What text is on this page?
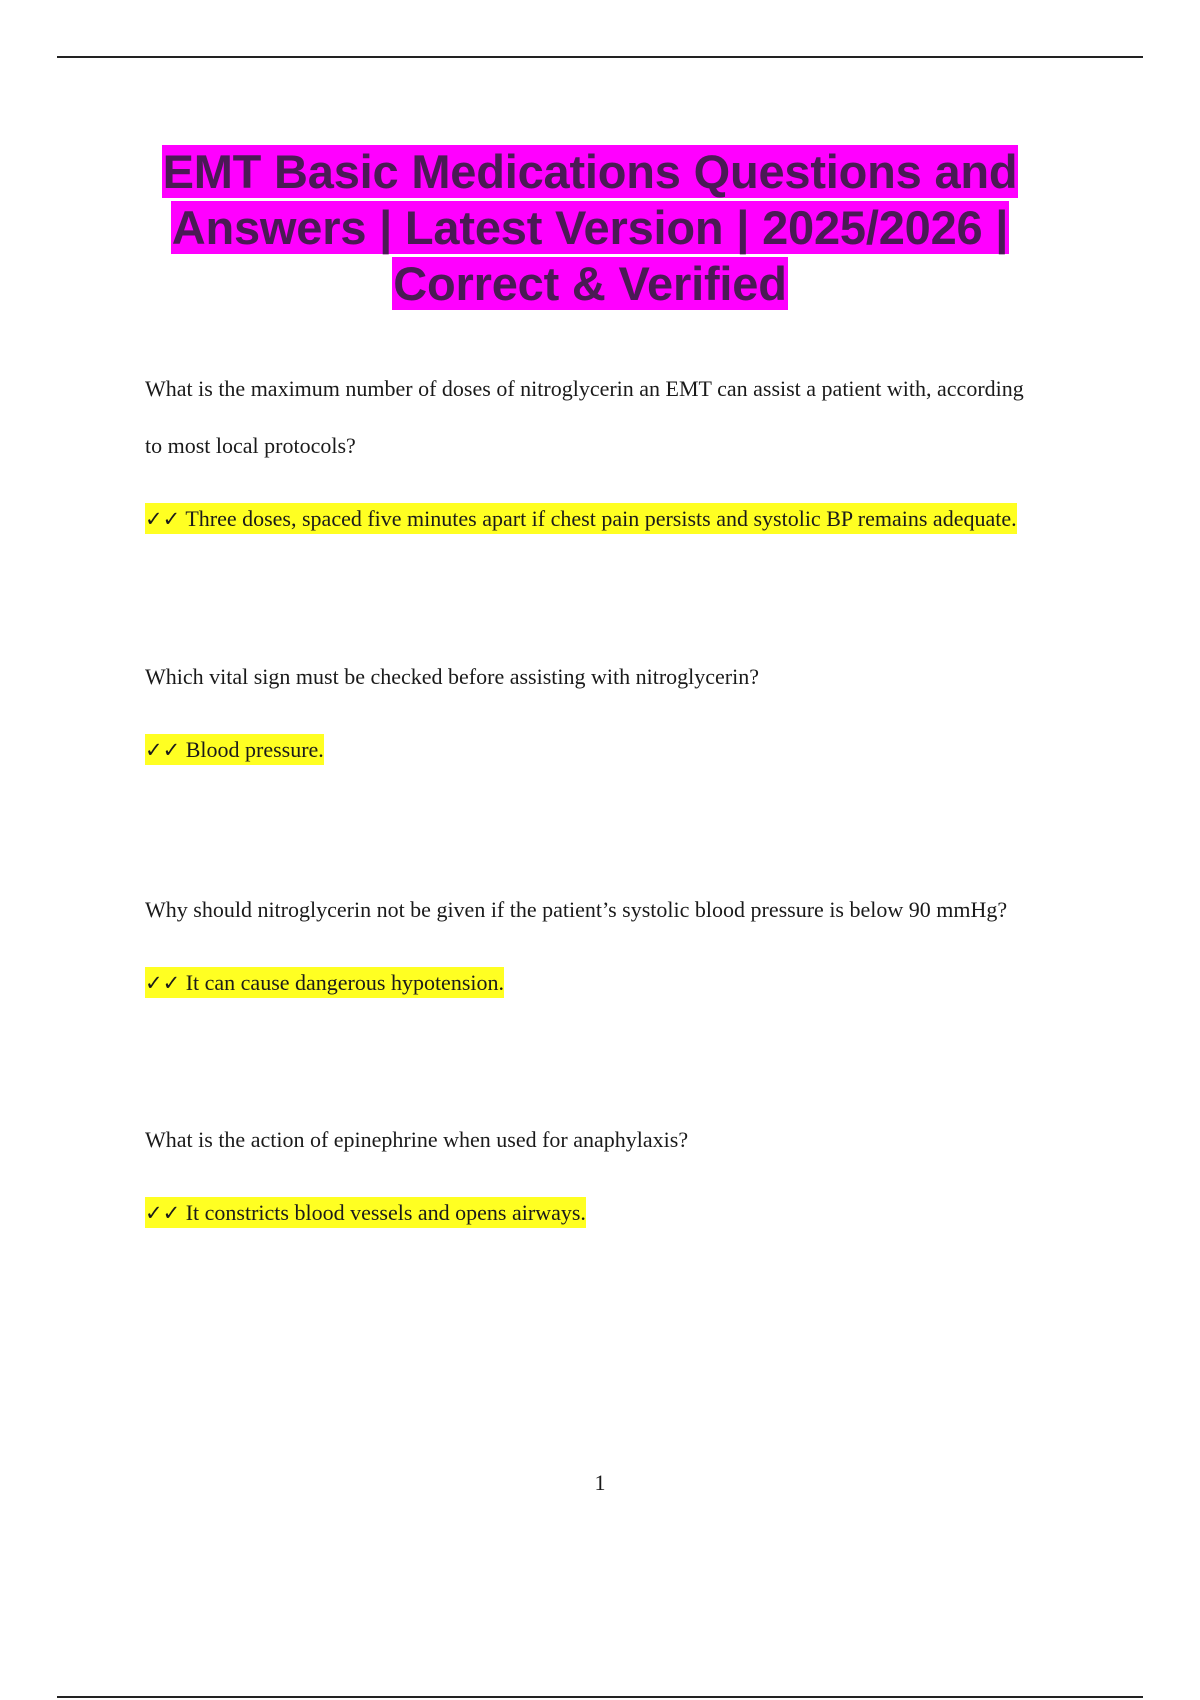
EMT Basic Medications Questions and Answers | Latest Version | 2025/2026 | Correct & Verified

What is the maximum number of doses of nitroglycerin an EMT can assist a patient with, according to most local protocols?

✓✓ Three doses, spaced five minutes apart if chest pain persists and systolic BP remains adequate.

Which vital sign must be checked before assisting with nitroglycerin?

✓✓ Blood pressure.

Why should nitroglycerin not be given if the patient’s systolic blood pressure is below 90 mmHg?

✓✓ It can cause dangerous hypotension.

What is the action of epinephrine when used for anaphylaxis?

✓✓ It constricts blood vessels and opens airways.

1
